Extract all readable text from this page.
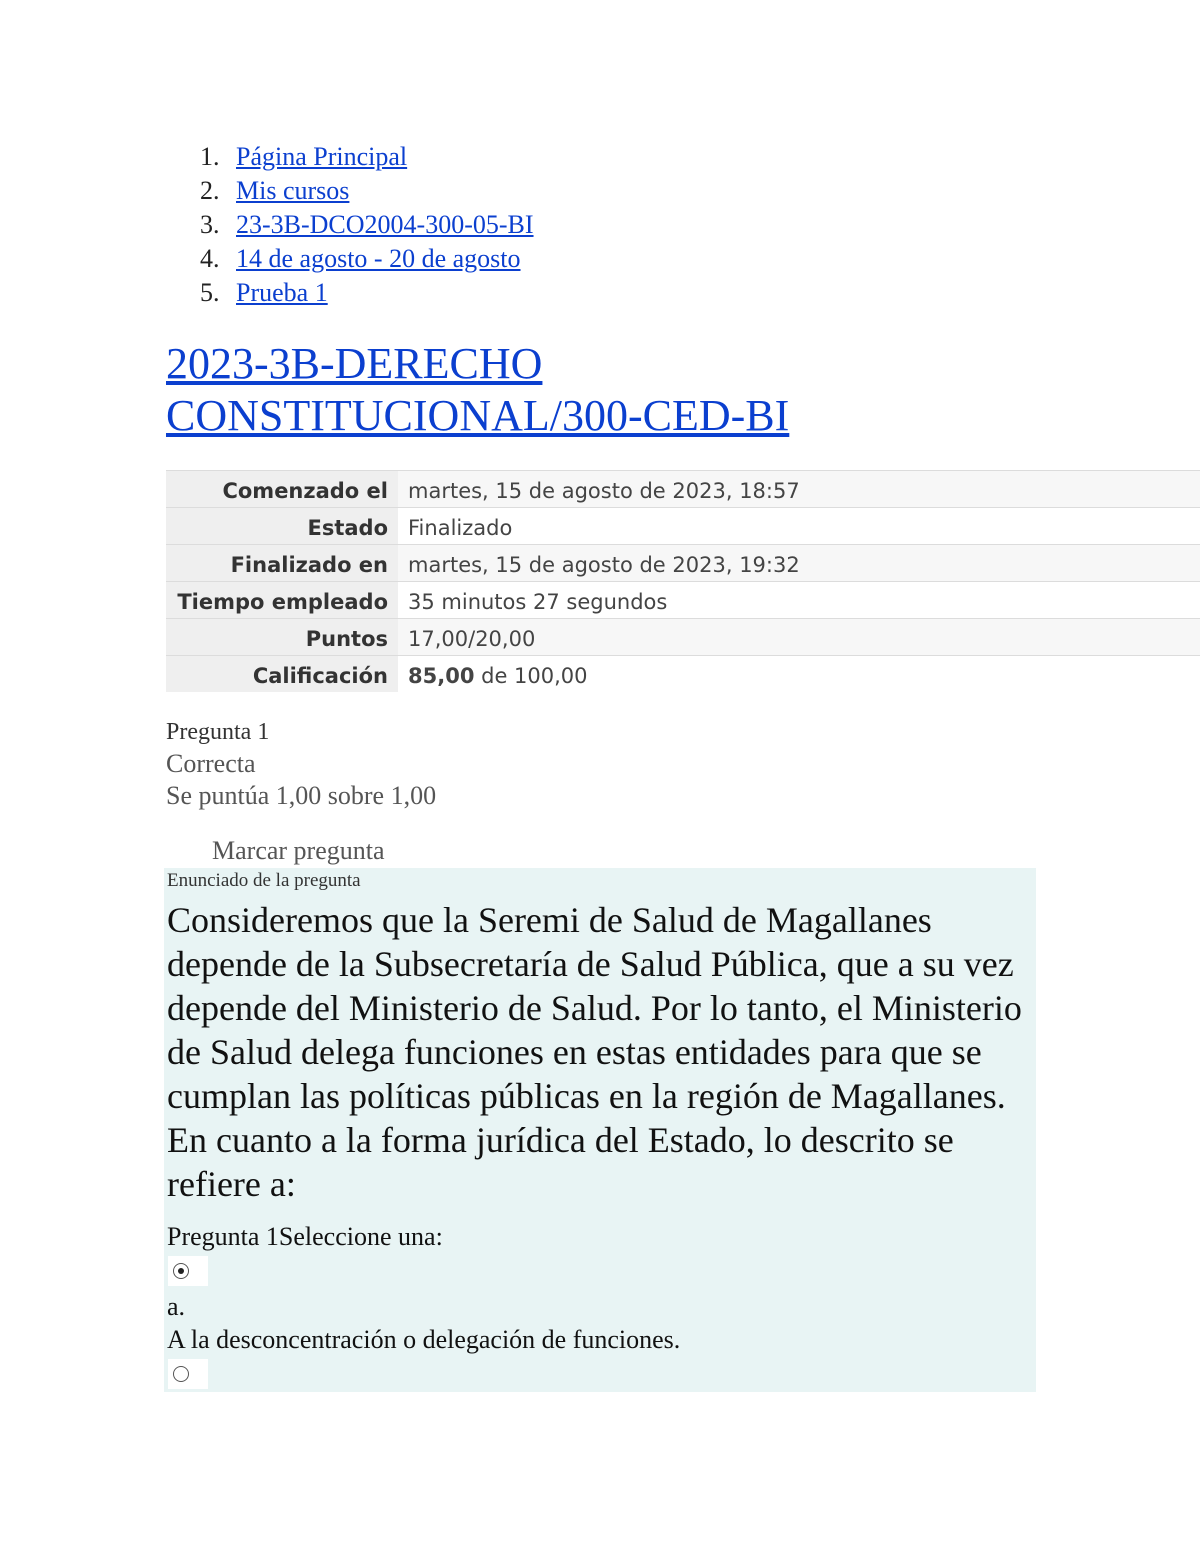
1. Página Principal
2. Mis cursos
3. 23-3B-DCO2004-300-05-BI
4. 14 de agosto - 20 de agosto
5. Prueba 1
2023-3B-DERECHO
CONSTITUCIONAL/300-CED-BI
Comenzado el	martes, 15 de agosto de 2023, 18:57
Estado	Finalizado
Finalizado en	martes, 15 de agosto de 2023, 19:32
Tiempo empleado	35 minutos 27 segundos
Puntos	17,00/20,00
Calificación	85,00 de 100,00
Pregunta 1
Correcta
Se puntúa 1,00 sobre 1,00
Marcar pregunta
Enunciado de la pregunta

Consideremos que la Seremi de Salud de Magallanes depende de la Subsecretaría de Salud Pública, que a su vez depende del Ministerio de Salud. Por lo tanto, el Ministerio de Salud delega funciones en estas entidades para que se cumplan las políticas públicas en la región de Magallanes. En cuanto a la forma jurídica del Estado, lo descrito se refiere a:

Pregunta 1Seleccione una:
a.
A la desconcentración o delegación de funciones.
